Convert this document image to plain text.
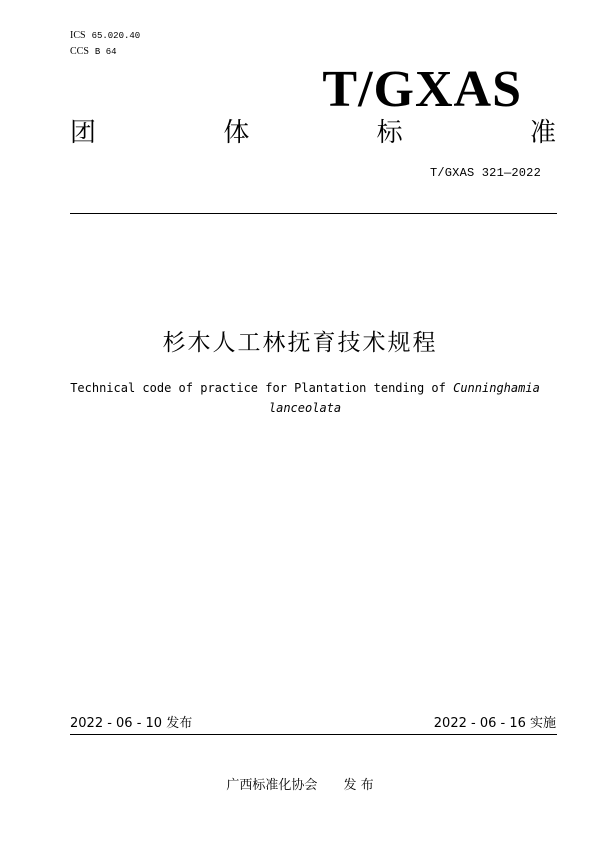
ICS 65.020.40
CCS B 64
T/GXAS
团	体	标	准
T/GXAS 321—2022
杉木人工林抚育技术规程
Technical code of practice for Plantation tending of Cunninghamia
lanceolata
2022 - 06 - 10 发布	2022 - 06 - 16 实施
广西标准化协会 发 布
